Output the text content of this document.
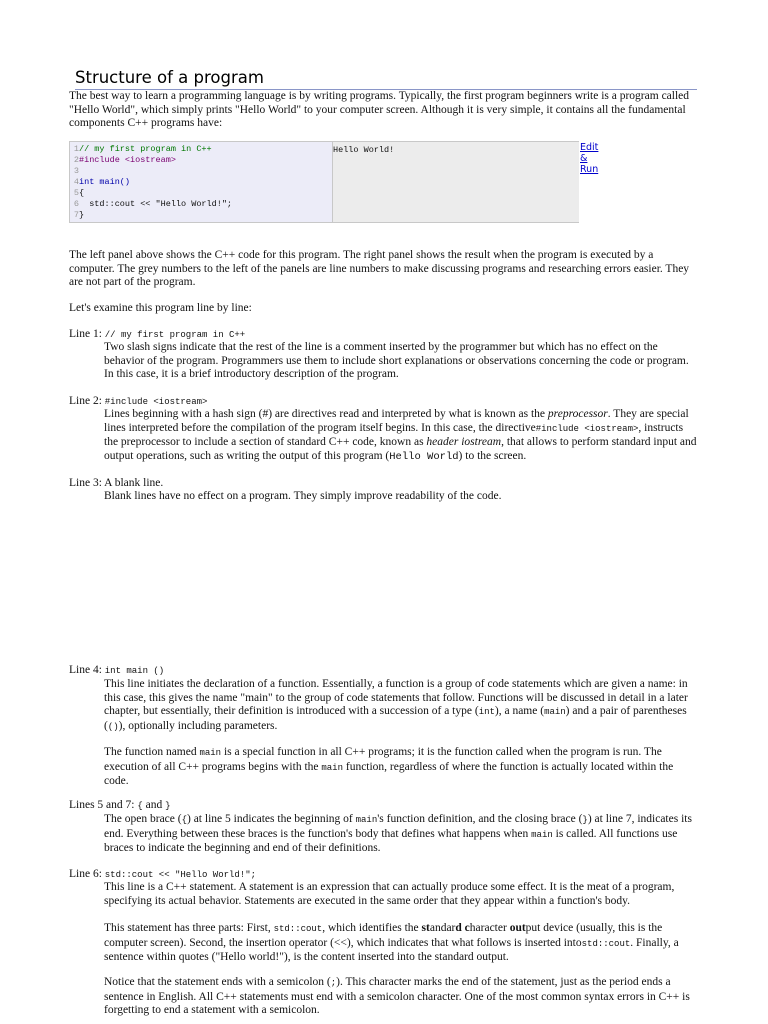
Structure of a program

The best way to learn a programming language is by writing programs. Typically, the first program beginners write is a program called "Hello World", which simply prints "Hello World" to your computer screen. Although it is very simple, it contains all the fundamental components C++ programs have:

1// my first program in C++
2#include <iostream>
3
4int main()
5{
6  std::cout << "Hello World!";
7}
Hello World!	Edit
&
Run

The left panel above shows the C++ code for this program. The right panel shows the result when the program is executed by a computer. The grey numbers to the left of the panels are line numbers to make discussing programs and researching errors easier. They are not part of the program.

Let's examine this program line by line:

Line 1: // my first program in C++

Two slash signs indicate that the rest of the line is a comment inserted by the programmer but which has no effect on the behavior of the program. Programmers use them to include short explanations or observations concerning the code or program. In this case, it is a brief introductory description of the program.

Line 2: #include <iostream>

Lines beginning with a hash sign (#) are directives read and interpreted by what is known as the preprocessor. They are special lines interpreted before the compilation of the program itself begins. In this case, the directive#include <iostream>, instructs the preprocessor to include a section of standard C++ code, known as header iostream, that allows to perform standard input and output operations, such as writing the output of this program (Hello World) to the screen.

Line 3: A blank line.

Blank lines have no effect on a program. They simply improve readability of the code.

Line 4: int main ()

This line initiates the declaration of a function. Essentially, a function is a group of code statements which are given a name: in this case, this gives the name "main" to the group of code statements that follow. Functions will be discussed in detail in a later chapter, but essentially, their definition is introduced with a succession of a type (int), a name (main) and a pair of parentheses (()), optionally including parameters.

The function named main is a special function in all C++ programs; it is the function called when the program is run. The execution of all C++ programs begins with the main function, regardless of where the function is actually located within the code.

Lines 5 and 7: { and }

The open brace ({) at line 5 indicates the beginning of main's function definition, and the closing brace (}) at line 7, indicates its end. Everything between these braces is the function's body that defines what happens when main is called. All functions use braces to indicate the beginning and end of their definitions.

Line 6: std::cout << "Hello World!";

This line is a C++ statement. A statement is an expression that can actually produce some effect. It is the meat of a program, specifying its actual behavior. Statements are executed in the same order that they appear within a function's body.

This statement has three parts: First, std::cout, which identifies the standard character output device (usually, this is the computer screen). Second, the insertion operator (<<), which indicates that what follows is inserted intostd::cout. Finally, a sentence within quotes ("Hello world!"), is the content inserted into the standard output.

Notice that the statement ends with a semicolon (;). This character marks the end of the statement, just as the period ends a sentence in English. All C++ statements must end with a semicolon character. One of the most common syntax errors in C++ is forgetting to end a statement with a semicolon.
